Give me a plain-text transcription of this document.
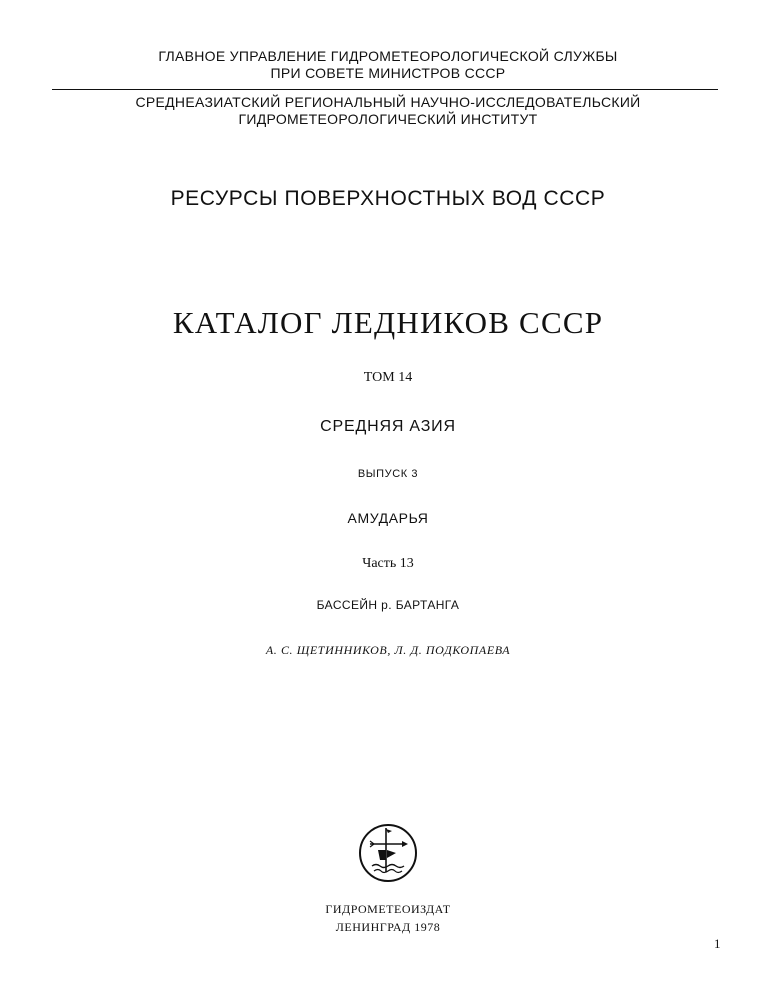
ГЛАВНОЕ УПРАВЛЕНИЕ ГИДРОМЕТЕОРОЛОГИЧЕСКОЙ СЛУЖБЫ
ПРИ СОВЕТЕ МИНИСТРОВ СССР
СРЕДНЕАЗИАТСКИЙ РЕГИОНАЛЬНЫЙ НАУЧНО-ИССЛЕДОВАТЕЛЬСКИЙ
ГИДРОМЕТЕОРОЛОГИЧЕСКИЙ ИНСТИТУТ
РЕСУРСЫ ПОВЕРХНОСТНЫХ ВОД СССР
КАТАЛОГ ЛЕДНИКОВ СССР
ТОМ 14
СРЕДНЯЯ АЗИЯ
ВЫПУСК 3
АМУДАРЬЯ
Часть 13
БАССЕЙН р. БАРТАНГА
А. С. ЩЕТИННИКОВ, Л. Д. ПОДКОПАЕВА
ГИДРОМЕТЕОИЗДАТ
ЛЕНИНГРАД 1978
1
